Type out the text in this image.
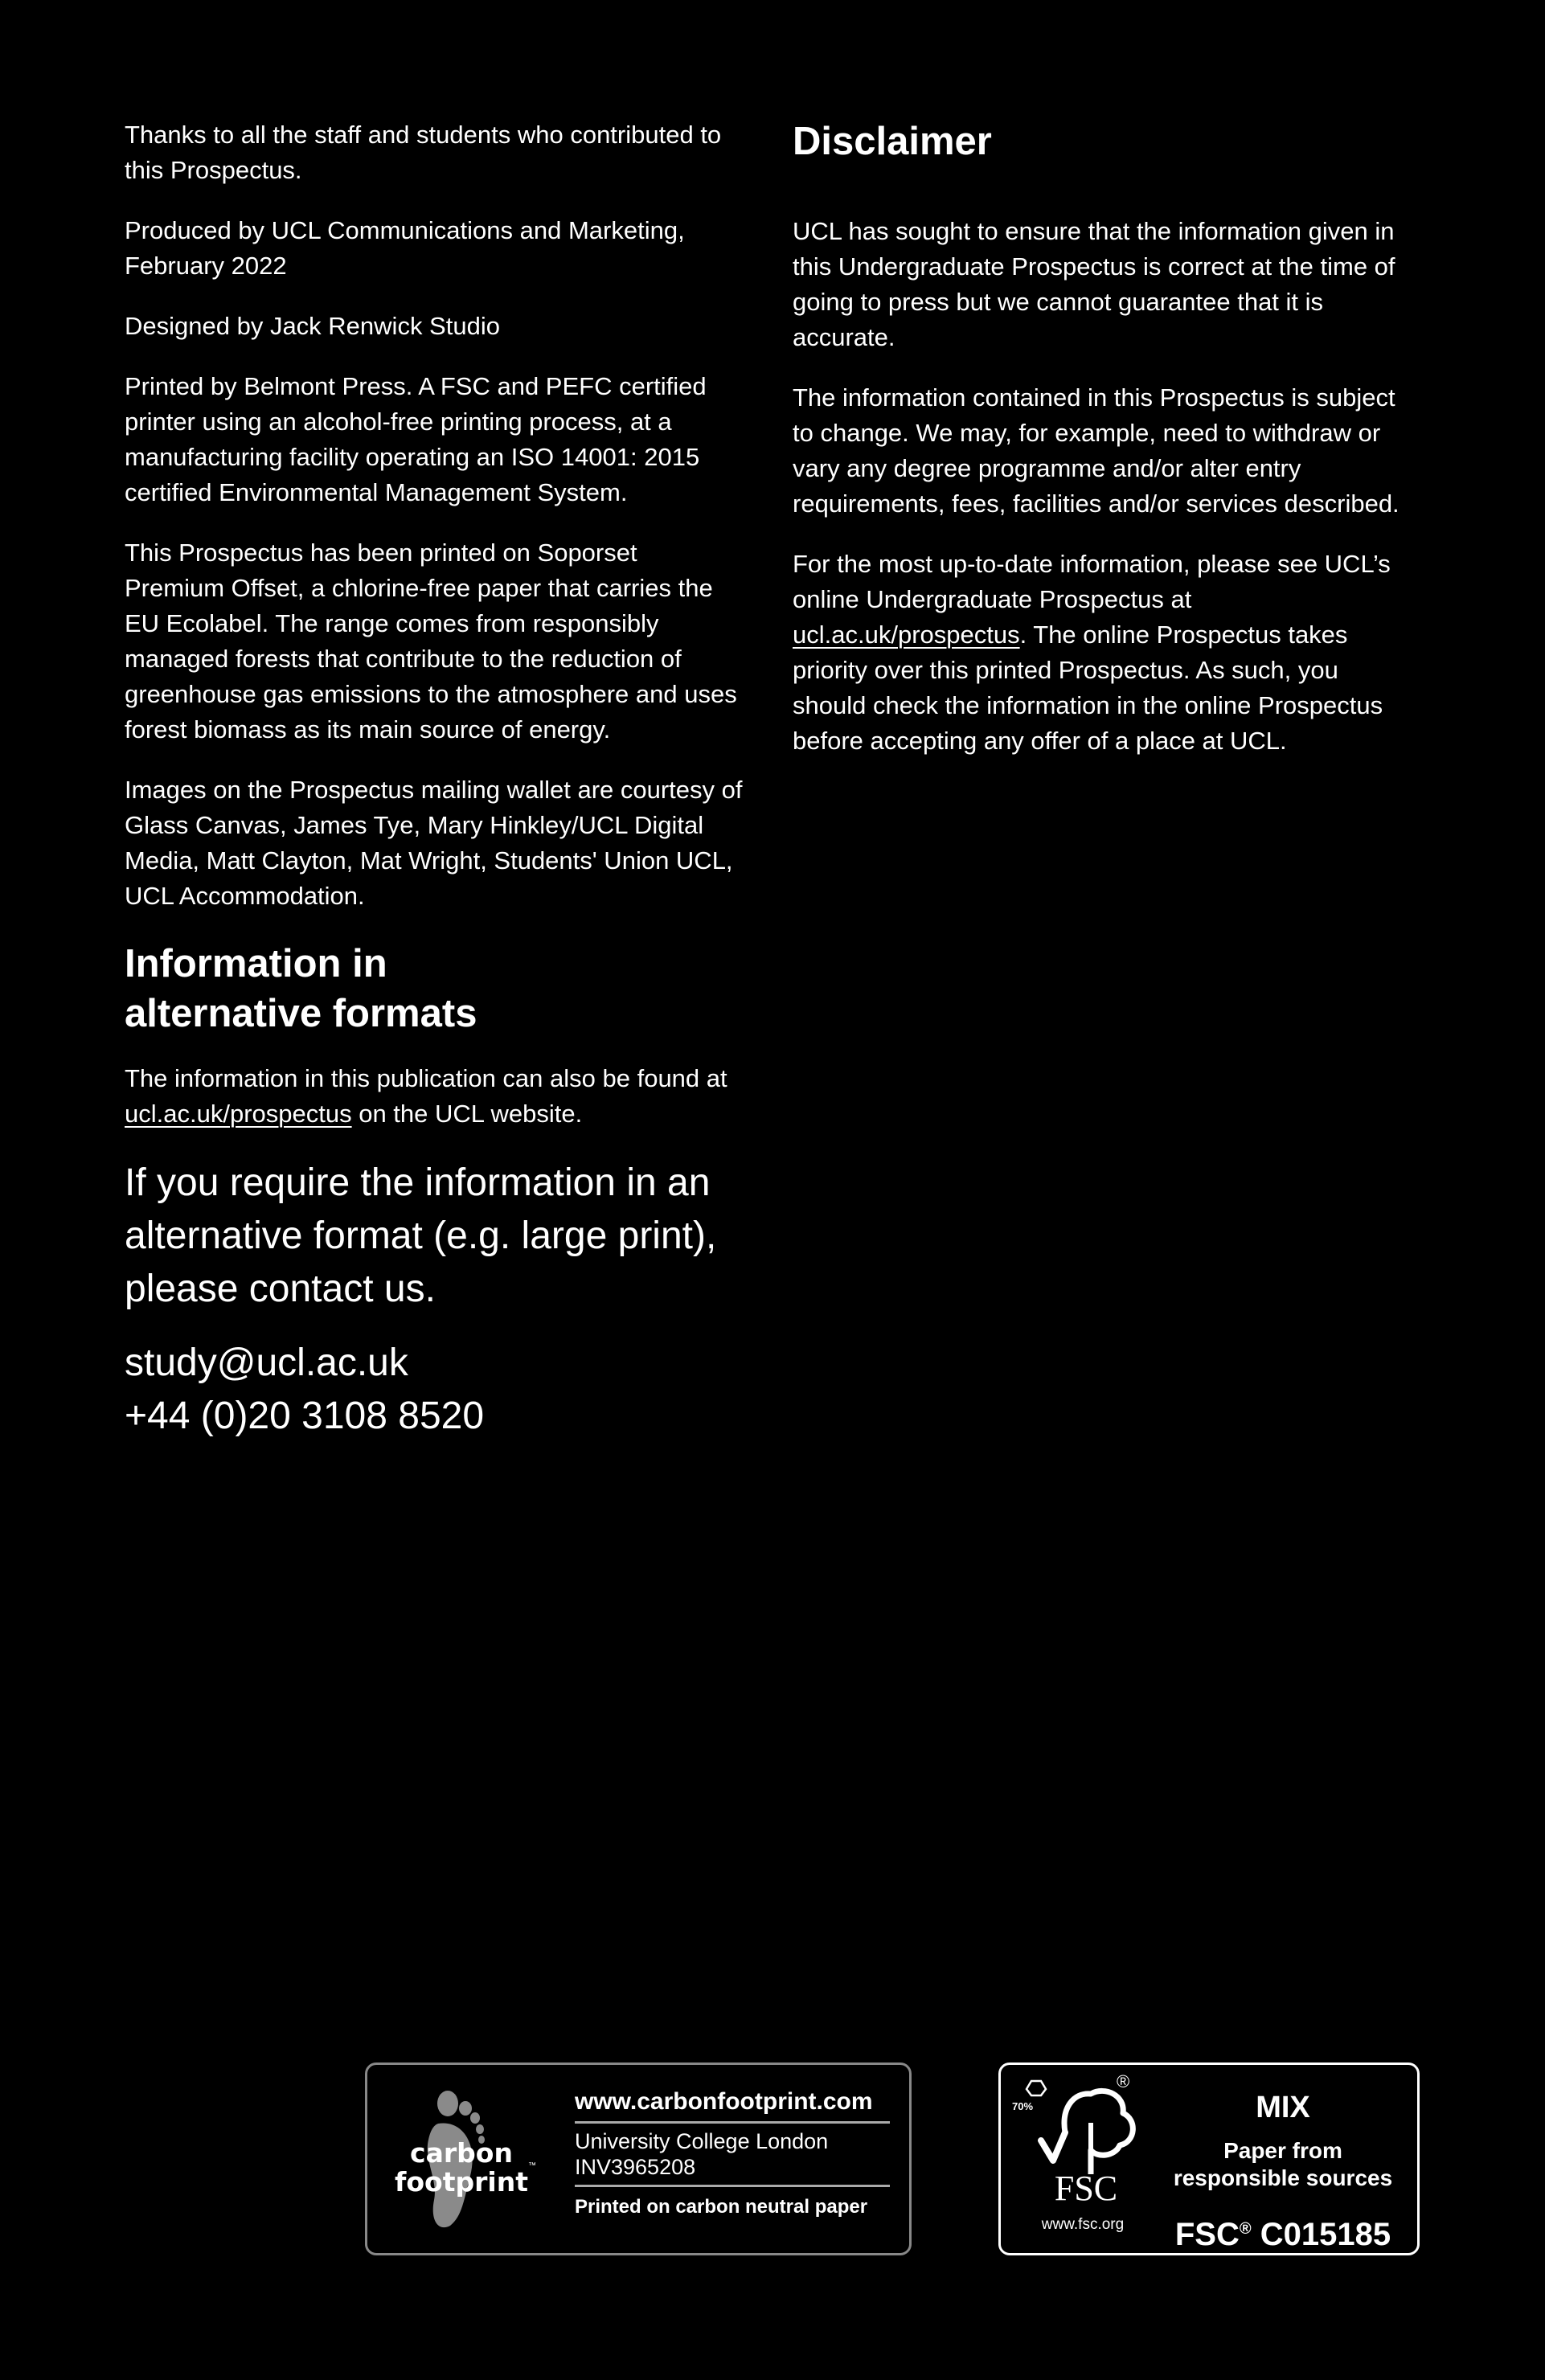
Thanks to all the staff and students who contributed to this Prospectus.

Produced by UCL Communications and Marketing, February 2022

Designed by Jack Renwick Studio

Printed by Belmont Press. A FSC and PEFC certified printer using an alcohol-free printing process, at a manufacturing facility operating an ISO 14001: 2015 certified Environmental Management System.

This Prospectus has been printed on Soporset Premium Offset, a chlorine-free paper that carries the EU Ecolabel. The range comes from responsibly managed forests that contribute to the reduction of greenhouse gas emissions to the atmosphere and uses forest biomass as its main source of energy.

Images on the Prospectus mailing wallet are courtesy of Glass Canvas, James Tye, Mary Hinkley/UCL Digital Media, Matt Clayton, Mat Wright, Students' Union UCL, UCL Accommodation.

Information in
alternative formats

The information in this publication can also be found at ucl.ac.uk/prospectus on the UCL website.

If you require the information in an alternative format (e.g. large print), please contact us.

study@ucl.ac.uk
+44 (0)20 3108 8520

Disclaimer

UCL has sought to ensure that the information given in this Undergraduate Prospectus is correct at the time of going to press but we cannot guarantee that it is accurate.

The information contained in this Prospectus is subject to change. We may, for example, need to withdraw or vary any degree programme and/or alter entry requirements, fees, facilities and/or services described.

For the most up-to-date information, please see UCL’s online Undergraduate Prospectus at ucl.ac.uk/prospectus. The online Prospectus takes priority over this printed Prospectus. As such, you should check the information in the online Prospectus before accepting any offer of a place at UCL.

carbon
footprint
™
www.carbonfootprint.com
University College London
INV3965208
Printed on carbon neutral paper
70%
®
FSC
www.fsc.org
MIX
Paper from
responsible sources
FSC® C015185
